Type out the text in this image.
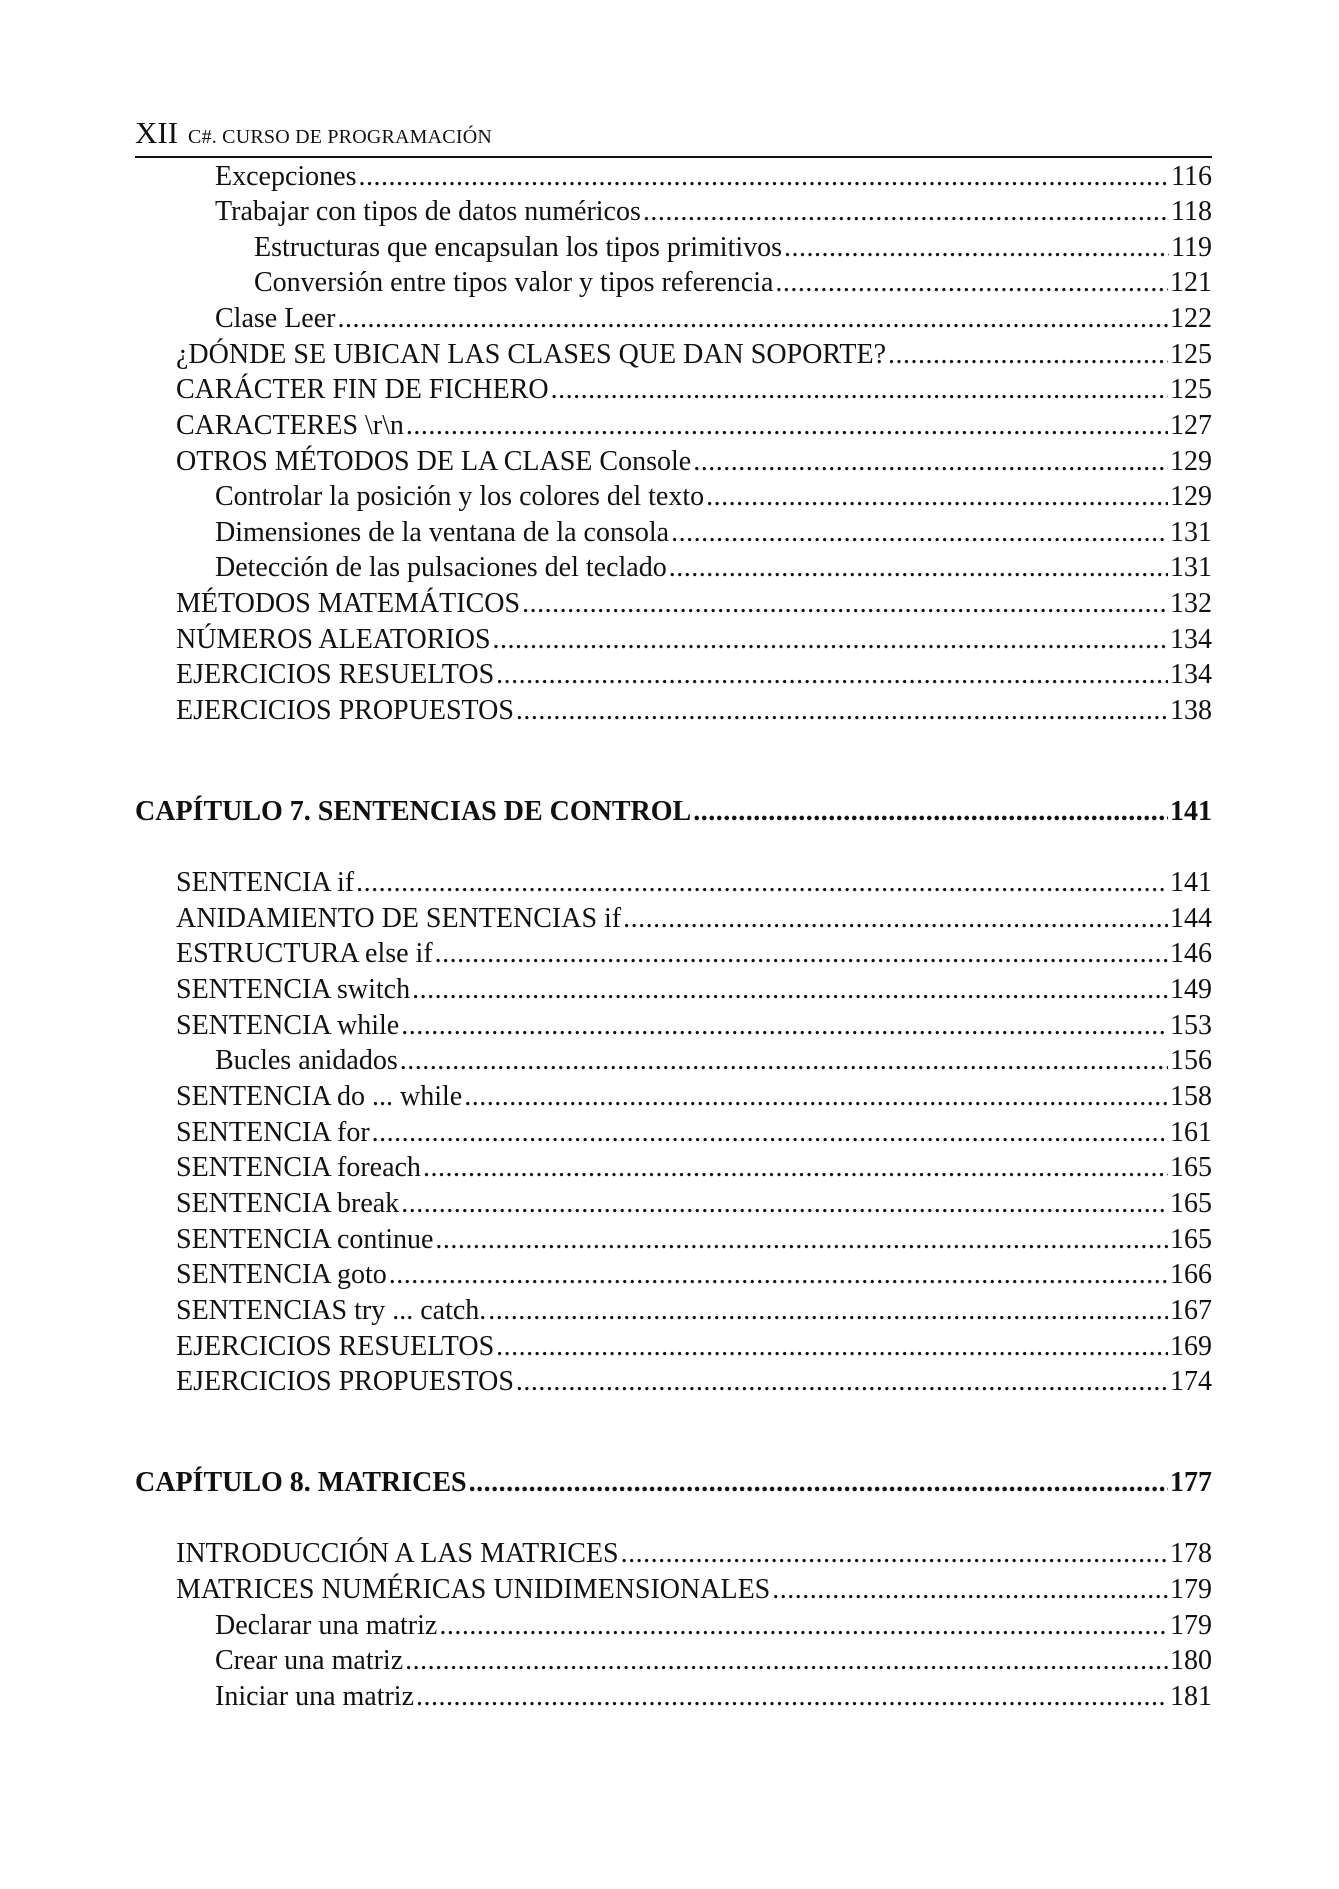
XII C#. CURSO DE PROGRAMACIÓN
Excepciones .....	116
Trabajar con tipos de datos numéricos .....	118
Estructuras que encapsulan los tipos primitivos .....	119
Conversión entre tipos valor y tipos referencia .....	121
Clase Leer .....	122
¿DÓNDE SE UBICAN LAS CLASES QUE DAN SOPORTE? .....	125
CARÁCTER FIN DE FICHERO .....	125
CARACTERES \r\n .....	127
OTROS MÉTODOS DE LA CLASE Console .....	129
Controlar la posición y los colores del texto .....	129
Dimensiones de la ventana de la consola .....	131
Detección de las pulsaciones del teclado .....	131
MÉTODOS MATEMÁTICOS .....	132
NÚMEROS ALEATORIOS .....	134
EJERCICIOS RESUELTOS .....	134
EJERCICIOS PROPUESTOS .....	138
CAPÍTULO 7. SENTENCIAS DE CONTROL .....	141
SENTENCIA if .....	141
ANIDAMIENTO DE SENTENCIAS if .....	144
ESTRUCTURA else if .....	146
SENTENCIA switch .....	149
SENTENCIA while .....	153
Bucles anidados .....	156
SENTENCIA do ... while .....	158
SENTENCIA for .....	161
SENTENCIA foreach .....	165
SENTENCIA break .....	165
SENTENCIA continue .....	165
SENTENCIA goto .....	166
SENTENCIAS try ... catch. .....	167
EJERCICIOS RESUELTOS .....	169
EJERCICIOS PROPUESTOS .....	174
CAPÍTULO 8. MATRICES .....	177
INTRODUCCIÓN A LAS MATRICES .....	178
MATRICES NUMÉRICAS UNIDIMENSIONALES .....	179
Declarar una matriz .....	179
Crear una matriz .....	180
Iniciar una matriz .....	181
